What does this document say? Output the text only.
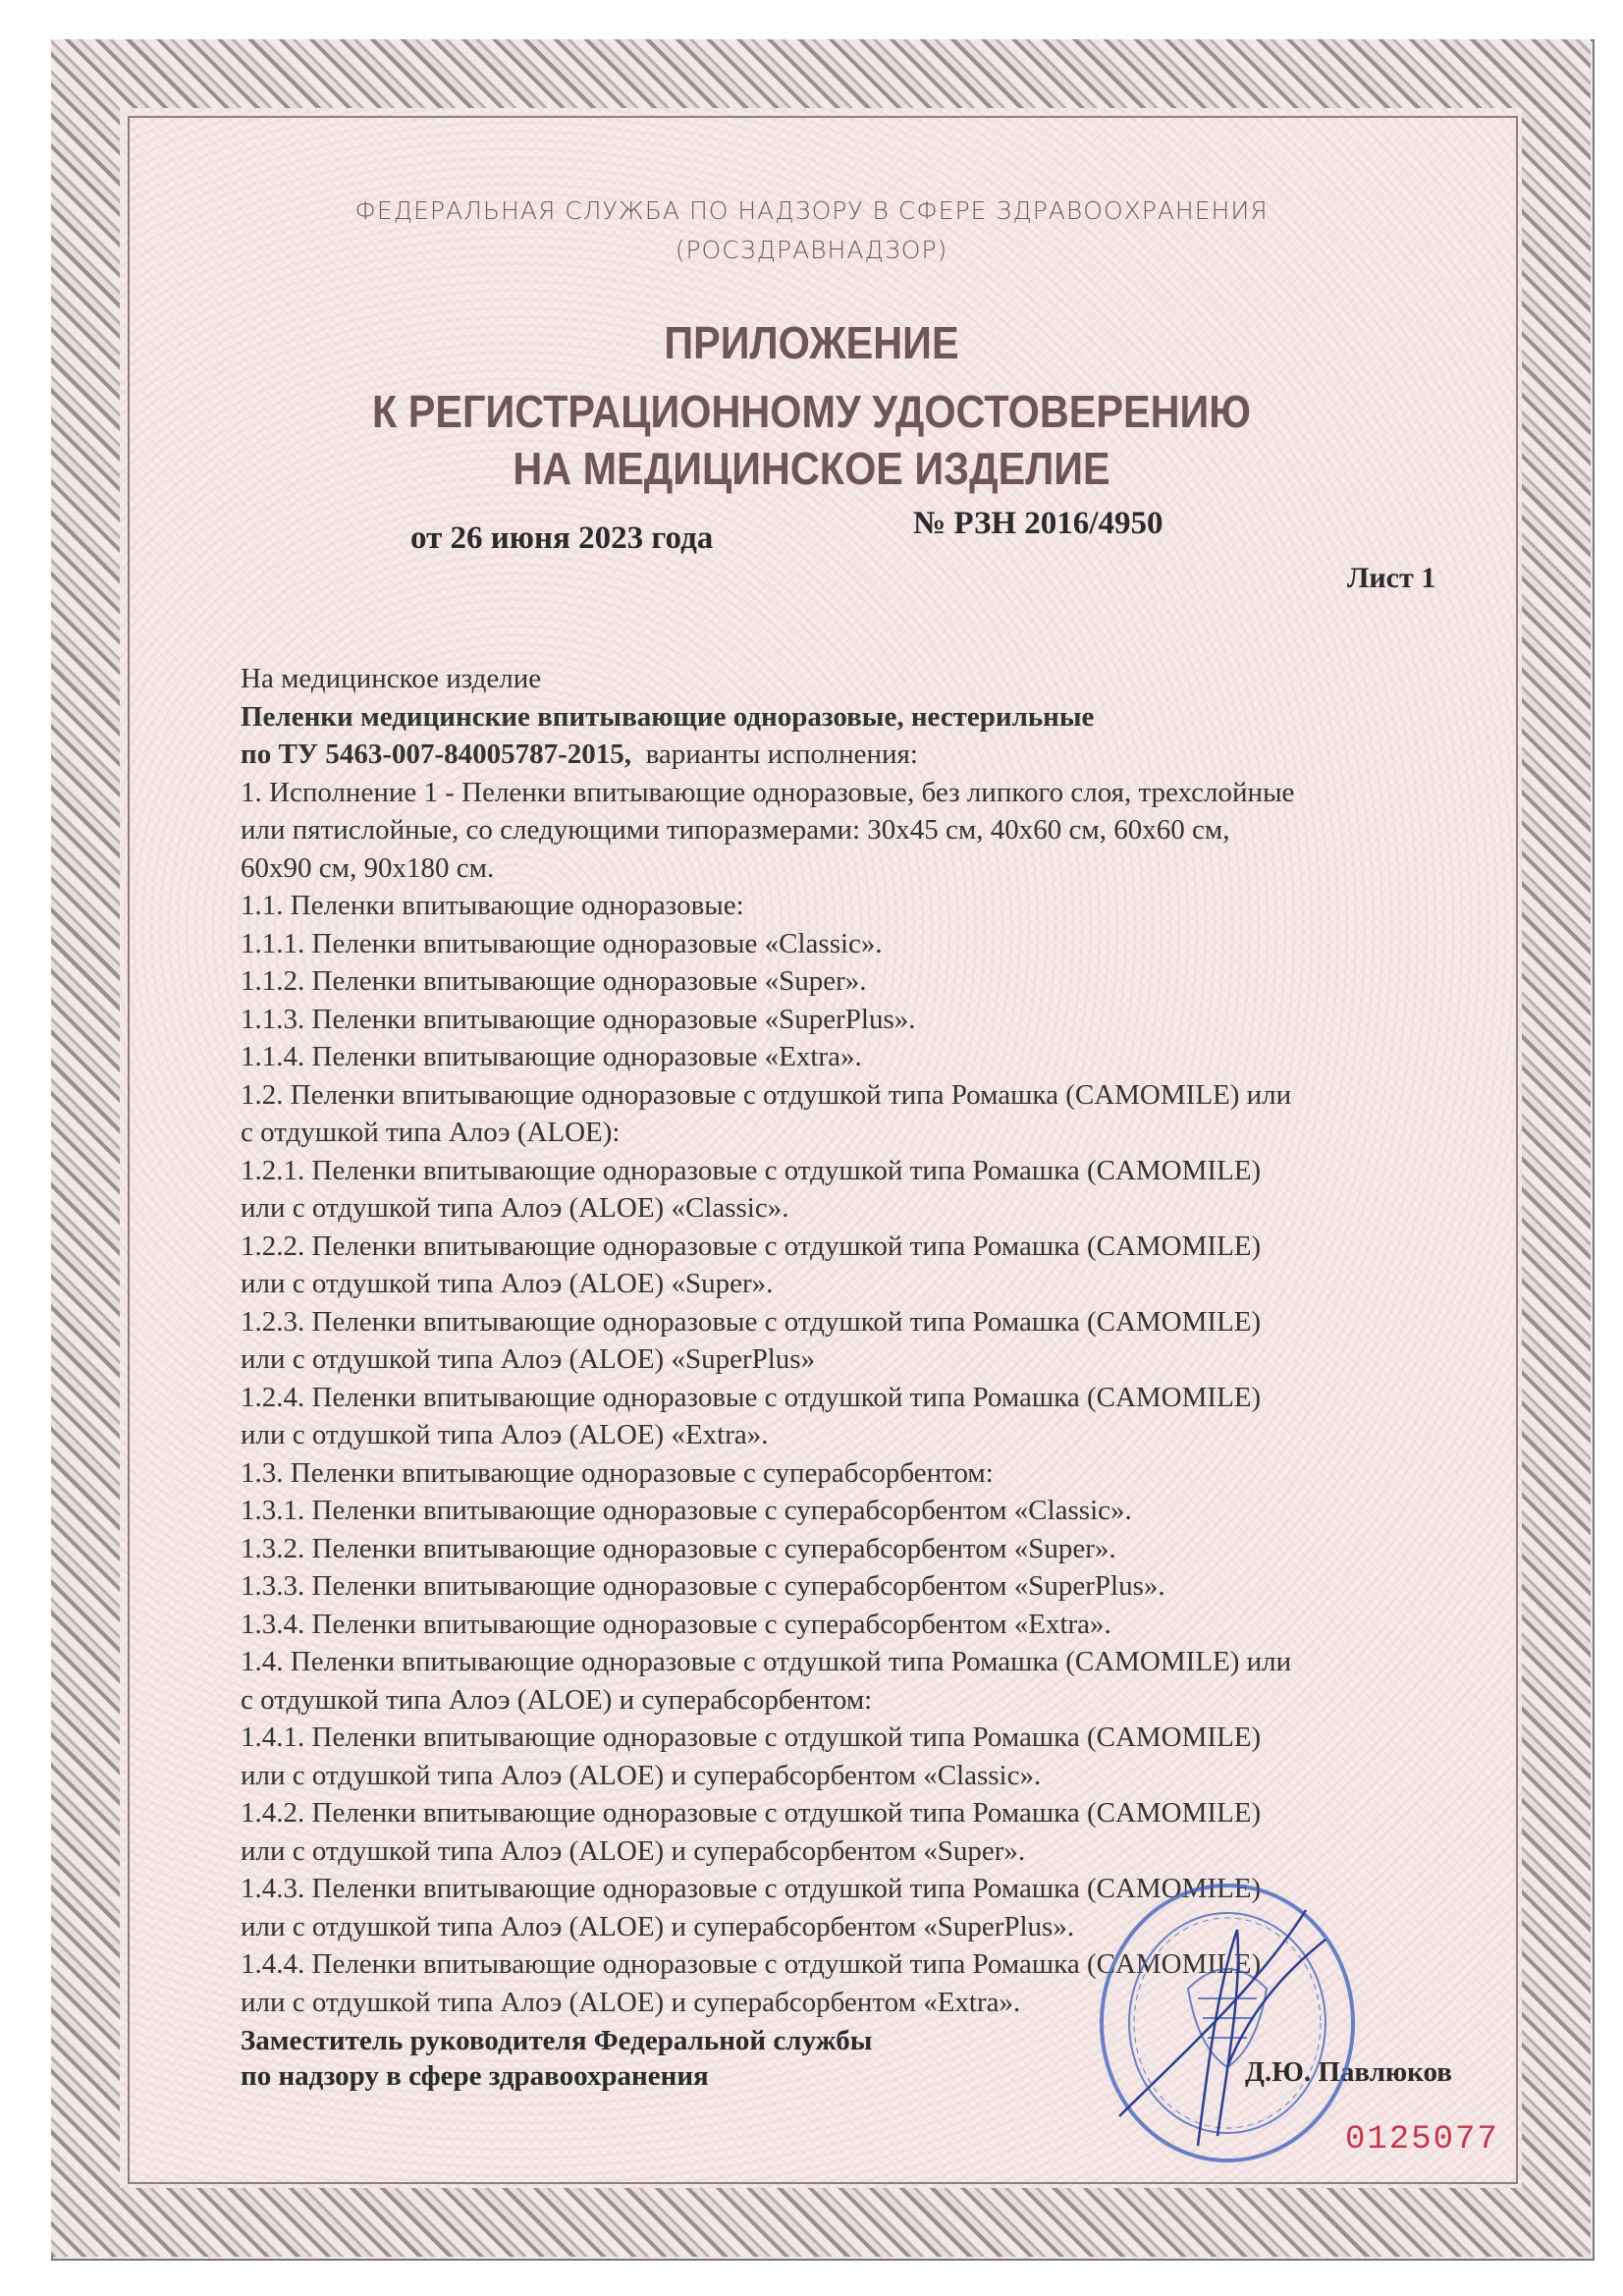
ФЕДЕРАЛЬНАЯ СЛУЖБА ПО НАДЗОРУ В СФЕРЕ ЗДРАВООХРАНЕНИЯ
(РОСЗДРАВНАДЗОР)
ПРИЛОЖЕНИЕ
К РЕГИСТРАЦИОННОМУ УДОСТОВЕРЕНИЮ
НА МЕДИЦИНСКОЕ ИЗДЕЛИЕ
от 26 июня 2023 года	№ РЗН 2016/4950
Лист 1
На медицинское изделие
Пеленки медицинские впитывающие одноразовые, нестерильные
по ТУ 5463-007-84005787-2015,  варианты исполнения:
1. Исполнение 1 - Пеленки впитывающие одноразовые, без липкого слоя, трехслойные
или пятислойные, со следующими типоразмерами: 30х45 см, 40х60 см, 60х60 см,
60х90 см, 90х180 см.
1.1. Пеленки впитывающие одноразовые:
1.1.1. Пеленки впитывающие одноразовые «Classic».
1.1.2. Пеленки впитывающие одноразовые «Super».
1.1.3. Пеленки впитывающие одноразовые «SuperPlus».
1.1.4. Пеленки впитывающие одноразовые «Extra».
1.2. Пеленки впитывающие одноразовые с отдушкой типа Ромашка (CAMOMILE) или
с отдушкой типа Алоэ (ALOE):
1.2.1. Пеленки впитывающие одноразовые с отдушкой типа Ромашка (CAMOMILE)
или с отдушкой типа Алоэ (ALOE) «Classic».
1.2.2. Пеленки впитывающие одноразовые с отдушкой типа Ромашка (CAMOMILE)
или с отдушкой типа Алоэ (ALOE) «Super».
1.2.3. Пеленки впитывающие одноразовые с отдушкой типа Ромашка (CAMOMILE)
или с отдушкой типа Алоэ (ALOE) «SuperPlus»
1.2.4. Пеленки впитывающие одноразовые с отдушкой типа Ромашка (CAMOMILE)
или с отдушкой типа Алоэ (ALOE) «Extra».
1.3. Пеленки впитывающие одноразовые с суперабсорбентом:
1.3.1. Пеленки впитывающие одноразовые с суперабсорбентом «Classic».
1.3.2. Пеленки впитывающие одноразовые с суперабсорбентом «Super».
1.3.3. Пеленки впитывающие одноразовые с суперабсорбентом «SuperPlus».
1.3.4. Пеленки впитывающие одноразовые с суперабсорбентом «Extra».
1.4. Пеленки впитывающие одноразовые с отдушкой типа Ромашка (CAMOMILE) или
с отдушкой типа Алоэ (ALOE) и суперабсорбентом:
1.4.1. Пеленки впитывающие одноразовые с отдушкой типа Ромашка (CAMOMILE)
или с отдушкой типа Алоэ (ALOE) и суперабсорбентом «Classic».
1.4.2. Пеленки впитывающие одноразовые с отдушкой типа Ромашка (CAMOMILE)
или с отдушкой типа Алоэ (ALOE) и суперабсорбентом «Super».
1.4.3. Пеленки впитывающие одноразовые с отдушкой типа Ромашка (CAMOMILE)
или с отдушкой типа Алоэ (ALOE) и суперабсорбентом «SuperPlus».
1.4.4. Пеленки впитывающие одноразовые с отдушкой типа Ромашка (CAMOMILE)
или с отдушкой типа Алоэ (ALOE) и суперабсорбентом «Extra».
Заместитель руководителя Федеральной службы
по надзору в сфере здравоохранения	Д.Ю. Павлюков
0125077
